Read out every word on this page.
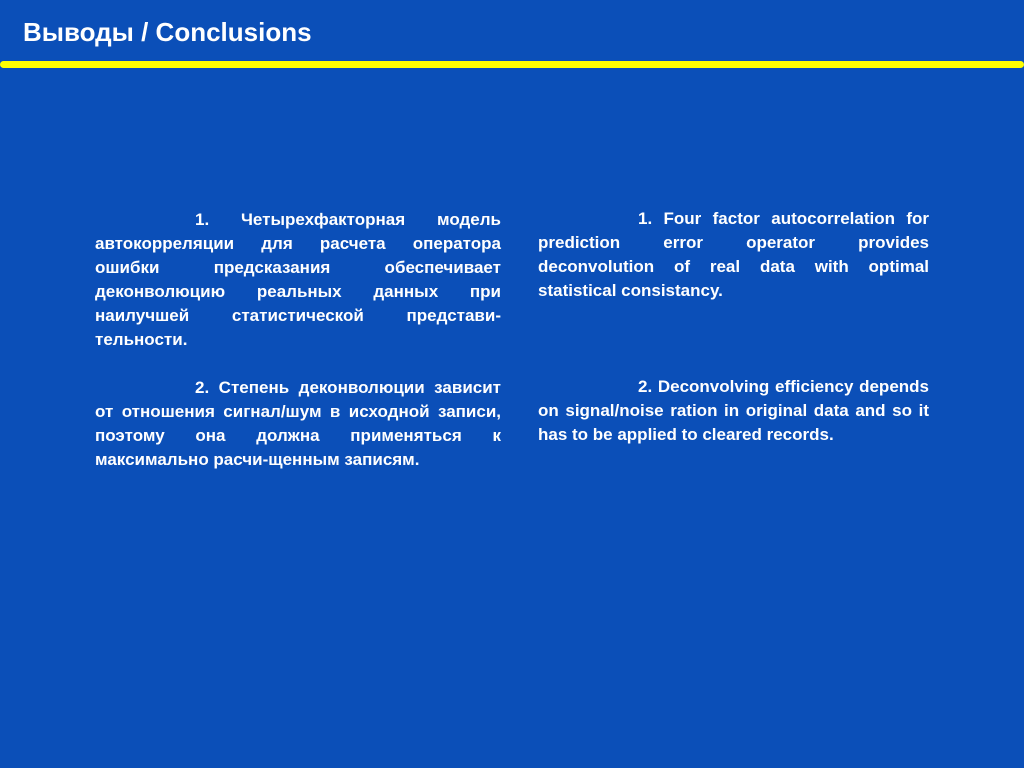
Выводы / Conclusions

1. Четырехфакторная модель автокорреляции для расчета оператора ошибки предсказания обеспечивает деконволюцию реальных данных при наилучшей статистической представи-тельности.

2. Степень деконволюции зависит от отношения сигнал/шум в исходной записи, поэтому она должна применяться к максимально расчи-щенным записям.

1. Four factor autocorrelation for prediction error operator provides deconvolution of real data with optimal statistical consistancy.

2. Deconvolving efficiency depends on signal/noise ration in original data and so it has to be applied to cleared records.
